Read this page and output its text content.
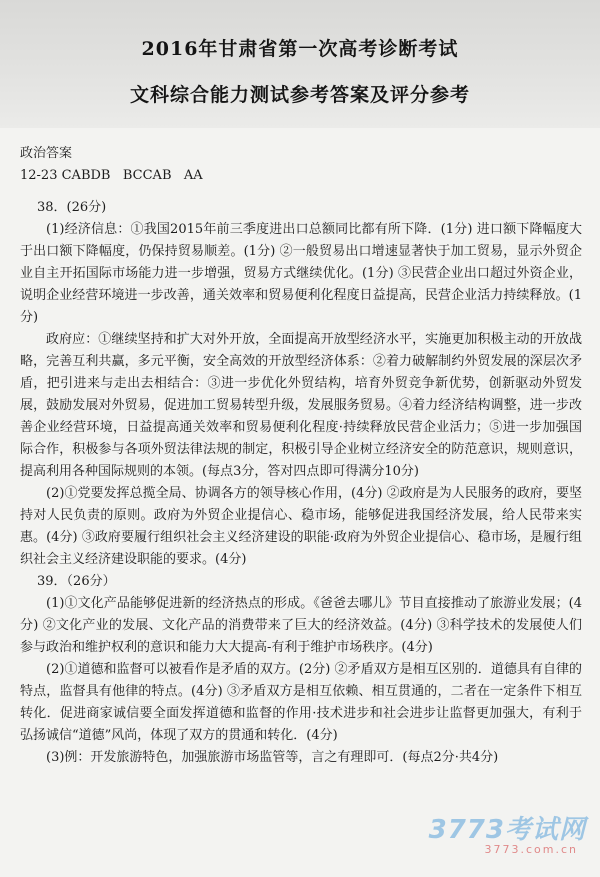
2016年甘肃省第一次高考诊断考试
文科综合能力测试参考答案及评分参考

政治答案

12-23 CABDB   BCCAB   AA

38．(26分)

(1)经济信息：①我国2015年前三季度进出口总额同比都有所下降．(1分) 进口额下降幅度大于出口额下降幅度，仍保持贸易顺差。(1分) ②一般贸易出口增速显著快于加工贸易，显示外贸企业自主开拓国际市场能力进一步增强，贸易方式继续优化。(1分) ③民营企业出口超过外资企业，说明企业经营环境进一步改善，通关效率和贸易便利化程度日益提高，民营企业活力持续释放。(1分)

政府应：①继续坚持和扩大对外开放，全面提高开放型经济水平，实施更加积极主动的开放战略，完善互利共赢，多元平衡，安全高效的开放型经济体系：②着力破解制约外贸发展的深层次矛盾，把引进来与走出去相结合：③进一步优化外贸结构，培育外贸竞争新优势，创新驱动外贸发展，鼓励发展对外贸易，促进加工贸易转型升级，发展服务贸易。④着力经济结构调整，进一步改善企业经营环境，日益提高通关效率和贸易便利化程度·持续释放民营企业活力；⑤进一步加强国际合作，积极参与各项外贸法律法规的制定，积极引导企业树立经济安全的防范意识，规则意识，提高利用各种国际规则的本领。(每点3分，答对四点即可得满分10分)

(2)①党要发挥总揽全局、协调各方的领导核心作用，(4分) ②政府是为人民服务的政府，要坚持对人民负责的原则。政府为外贸企业提信心、稳市场，能够促进我国经济发展，给人民带来实惠。(4分) ③政府要履行组织社会主义经济建设的职能·政府为外贸企业提信心、稳市场，是履行组织社会主义经济建设职能的要求。(4分)

39．（26分）

(1)①文化产品能够促进新的经济热点的形成。《爸爸去哪儿》节目直接推动了旅游业发展；(4分) ②文化产业的发展、文化产品的消费带来了巨大的经济效益。(4分) ③科学技术的发展使人们参与政治和维护权利的意识和能力大大提高-有利于维护市场秩序。(4分)

(2)①道德和监督可以被看作是矛盾的双方。(2分) ②矛盾双方是相互区别的．道德具有自律的特点，监督具有他律的特点。(4分) ③矛盾双方是相互依赖、相互贯通的，二者在一定条件下相互转化．促进商家诚信要全面发挥道德和监督的作用·技术进步和社会进步让监督更加强大，有利于弘扬诚信“道德”风尚，体现了双方的贯通和转化．(4分)

(3)例：开发旅游特色，加强旅游市场监管等，言之有理即可．(每点2分·共4分)

3773考试网
3773.com.cn
